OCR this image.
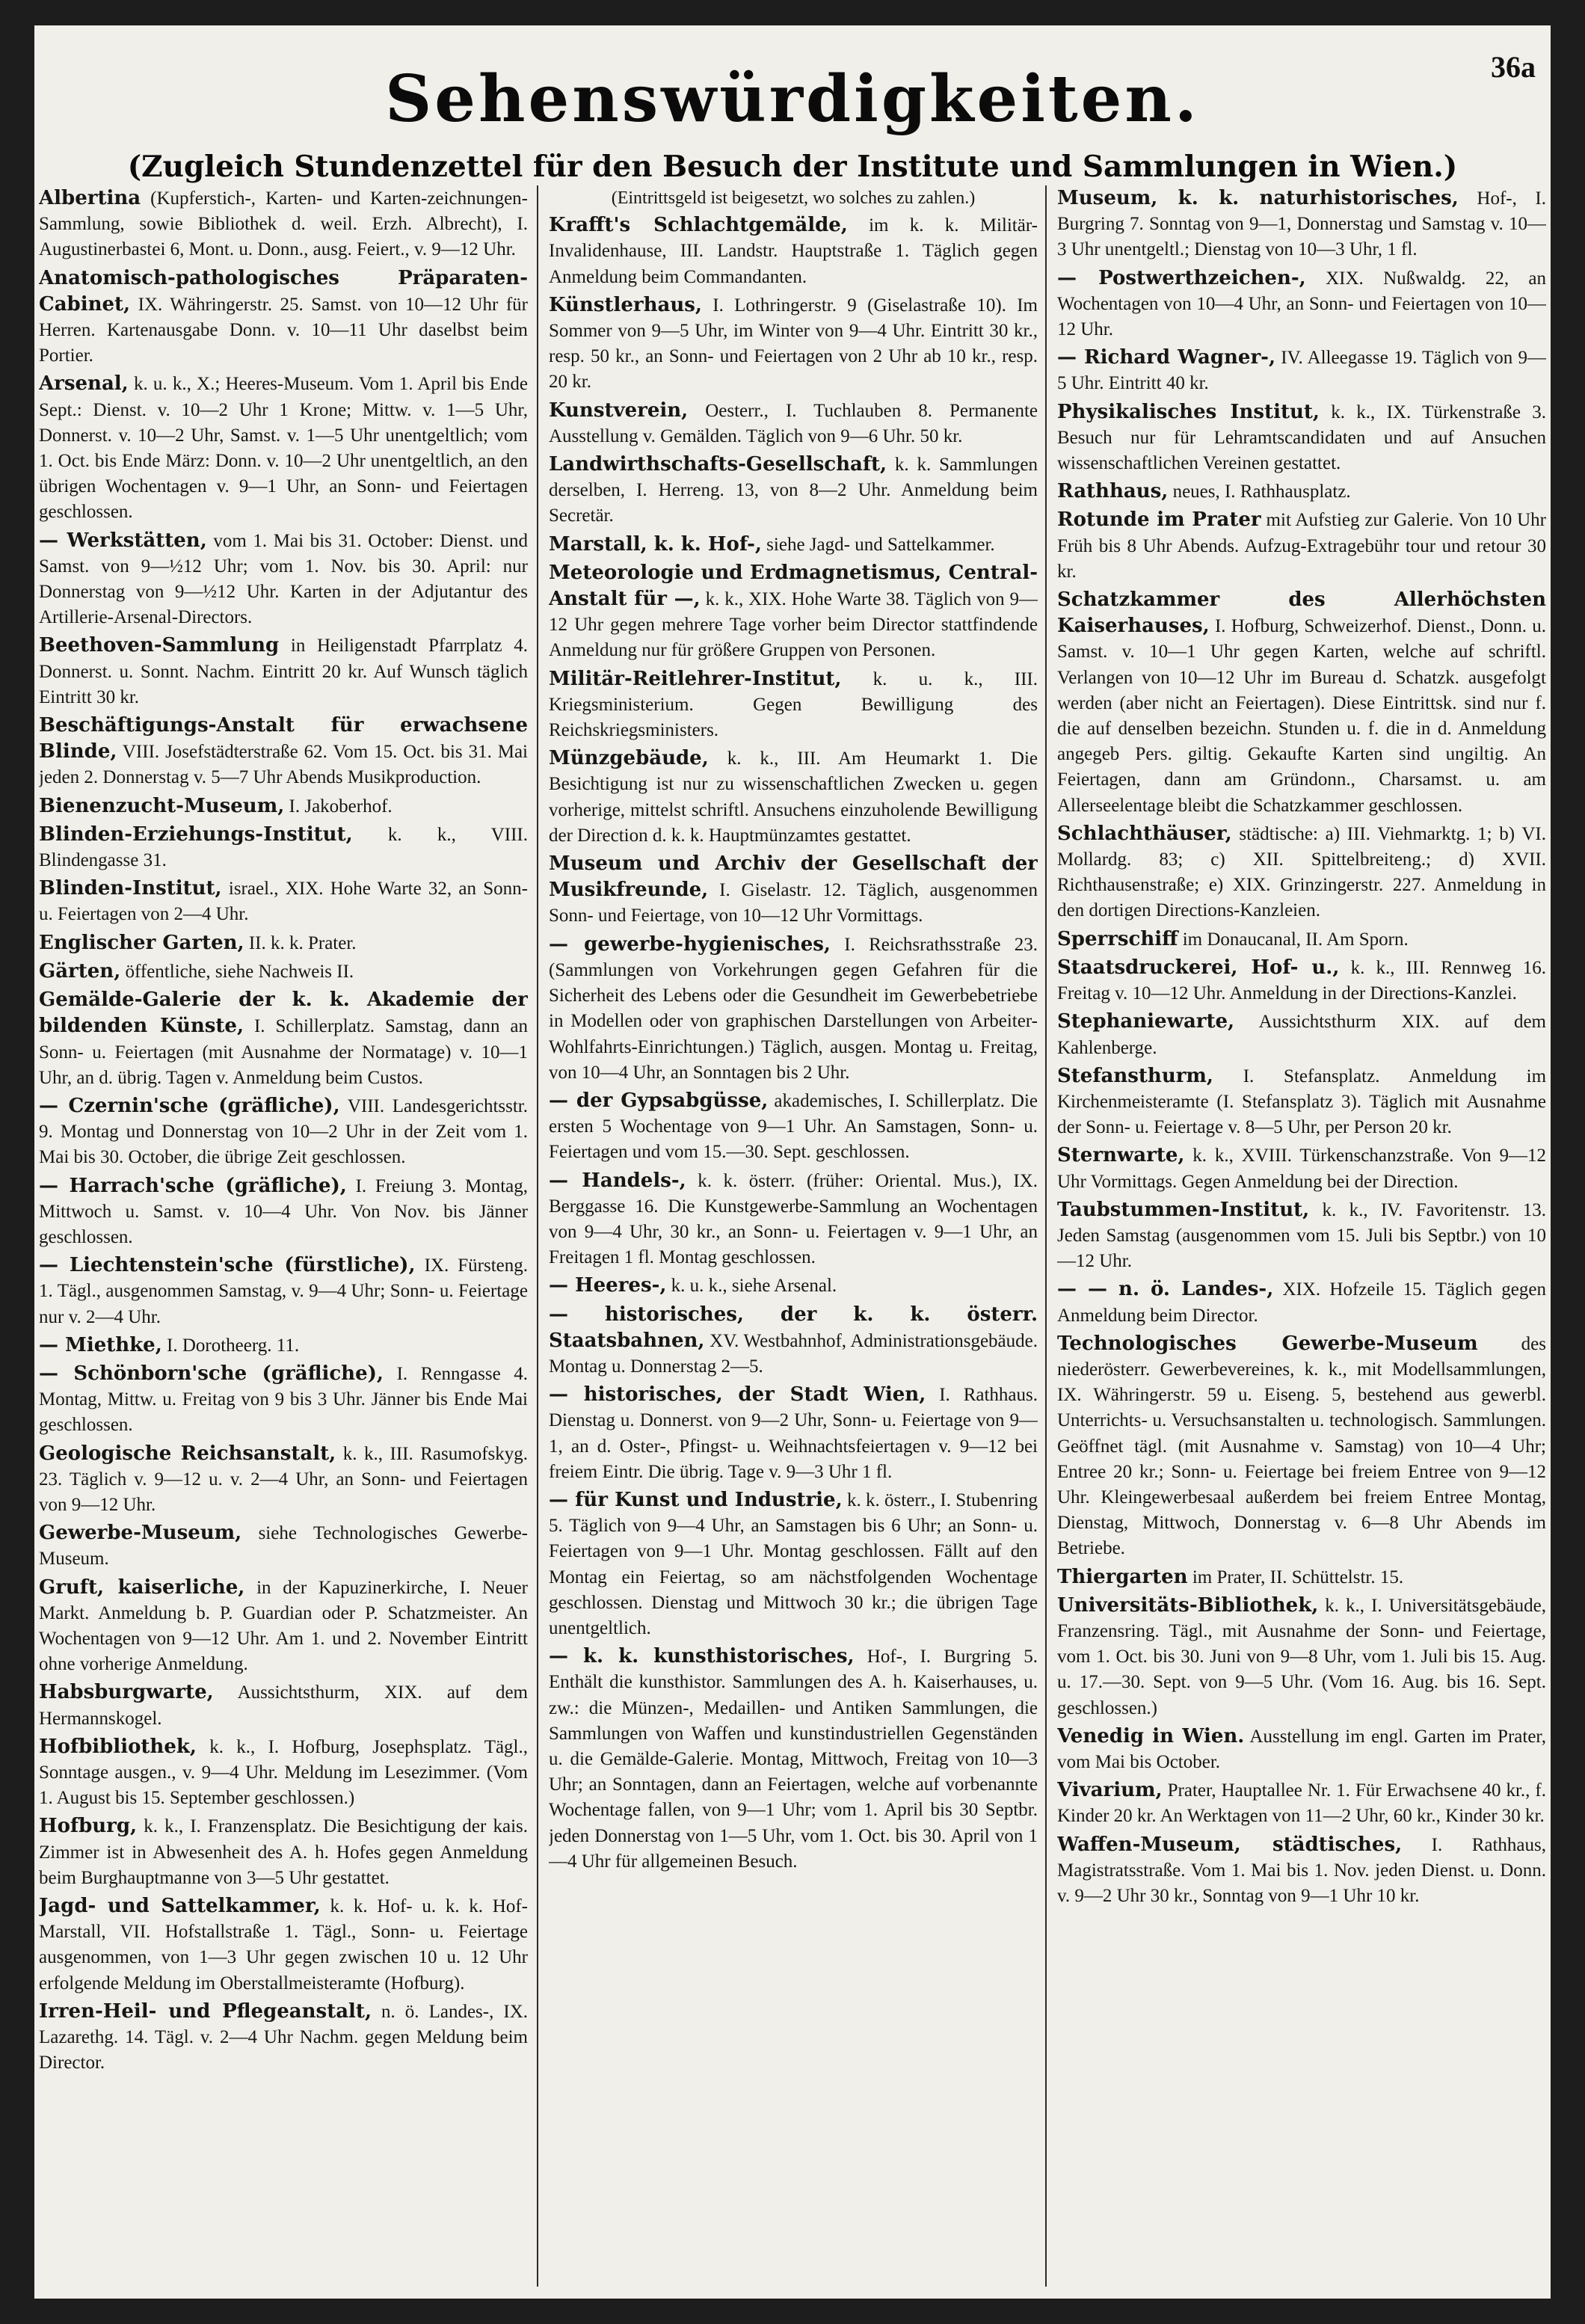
36a
Sehenswürdigkeiten.
(Zugleich Stundenzettel für den Besuch der Institute und Sammlungen in Wien.)

Albertina (Kupferstich-, Karten- und Karten-zeichnungen-Sammlung, sowie Bibliothek d. weil. Erzh. Albrecht), I. Augustinerbastei 6, Mont. u. Donn., ausg. Feiert., v. 9—12 Uhr.

Anatomisch-pathologisches Präparaten-Cabinet, IX. Währingerstr. 25. Samst. von 10—12 Uhr für Herren. Kartenausgabe Donn. v. 10—11 Uhr daselbst beim Portier.

Arsenal, k. u. k., X.; Heeres-Museum. Vom 1. April bis Ende Sept.: Dienst. v. 10—2 Uhr 1 Krone; Mittw. v. 1—5 Uhr, Donnerst. v. 10—2 Uhr, Samst. v. 1—5 Uhr unentgeltlich; vom 1. Oct. bis Ende März: Donn. v. 10—2 Uhr unentgeltlich, an den übrigen Wochentagen v. 9—1 Uhr, an Sonn- und Feiertagen geschlossen.

— Werkstätten, vom 1. Mai bis 31. October: Dienst. und Samst. von 9—½12 Uhr; vom 1. Nov. bis 30. April: nur Donnerstag von 9—½12 Uhr. Karten in der Adjutantur des Artillerie-Arsenal-Directors.

Beethoven-Sammlung in Heiligenstadt Pfarrplatz 4. Donnerst. u. Sonnt. Nachm. Eintritt 20 kr. Auf Wunsch täglich Eintritt 30 kr.

Beschäftigungs-Anstalt für erwachsene Blinde, VIII. Josefstädterstraße 62. Vom 15. Oct. bis 31. Mai jeden 2. Donnerstag v. 5—7 Uhr Abends Musikproduction.

Bienenzucht-Museum, I. Jakoberhof.

Blinden-Erziehungs-Institut, k. k., VIII. Blindengasse 31.

Blinden-Institut, israel., XIX. Hohe Warte 32, an Sonn- u. Feiertagen von 2—4 Uhr.

Englischer Garten, II. k. k. Prater.

Gärten, öffentliche, siehe Nachweis II.

Gemälde-Galerie der k. k. Akademie der bildenden Künste, I. Schillerplatz. Samstag, dann an Sonn- u. Feiertagen (mit Ausnahme der Normatage) v. 10—1 Uhr, an d. übrig. Tagen v. Anmeldung beim Custos.

— Czernin'sche (gräfliche), VIII. Landesgerichtsstr. 9. Montag und Donnerstag von 10—2 Uhr in der Zeit vom 1. Mai bis 30. October, die übrige Zeit geschlossen.

— Harrach'sche (gräfliche), I. Freiung 3. Montag, Mittwoch u. Samst. v. 10—4 Uhr. Von Nov. bis Jänner geschlossen.

— Liechtenstein'sche (fürstliche), IX. Fürsteng. 1. Tägl., ausgenommen Samstag, v. 9—4 Uhr; Sonn- u. Feiertage nur v. 2—4 Uhr.

— Miethke, I. Dorotheerg. 11.

— Schönborn'sche (gräfliche), I. Renngasse 4. Montag, Mittw. u. Freitag von 9 bis 3 Uhr. Jänner bis Ende Mai geschlossen.

Geologische Reichsanstalt, k. k., III. Rasumofskyg. 23. Täglich v. 9—12 u. v. 2—4 Uhr, an Sonn- und Feiertagen von 9—12 Uhr.

Gewerbe-Museum, siehe Technologisches Gewerbe-Museum.

Gruft, kaiserliche, in der Kapuzinerkirche, I. Neuer Markt. Anmeldung b. P. Guardian oder P. Schatzmeister. An Wochentagen von 9—12 Uhr. Am 1. und 2. November Eintritt ohne vorherige Anmeldung.

Habsburgwarte, Aussichtsthurm, XIX. auf dem Hermannskogel.

Hofbibliothek, k. k., I. Hofburg, Josephsplatz. Tägl., Sonntage ausgen., v. 9—4 Uhr. Meldung im Lesezimmer. (Vom 1. August bis 15. September geschlossen.)

Hofburg, k. k., I. Franzensplatz. Die Besichtigung der kais. Zimmer ist in Abwesenheit des A. h. Hofes gegen Anmeldung beim Burghauptmanne von 3—5 Uhr gestattet.

Jagd- und Sattelkammer, k. k. Hof- u. k. k. Hof-Marstall, VII. Hofstallstraße 1. Tägl., Sonn- u. Feiertage ausgenommen, von 1—3 Uhr gegen zwischen 10 u. 12 Uhr erfolgende Meldung im Oberstallmeisteramte (Hofburg).

Irren-Heil- und Pflegeanstalt, n. ö. Landes-, IX. Lazarethg. 14. Tägl. v. 2—4 Uhr Nachm. gegen Meldung beim Director.

(Eintrittsgeld ist beigesetzt, wo solches zu zahlen.)

Krafft's Schlachtgemälde, im k. k. Militär-Invalidenhause, III. Landstr. Hauptstraße 1. Täglich gegen Anmeldung beim Commandanten.

Künstlerhaus, I. Lothringerstr. 9 (Giselastraße 10). Im Sommer von 9—5 Uhr, im Winter von 9—4 Uhr. Eintritt 30 kr., resp. 50 kr., an Sonn- und Feiertagen von 2 Uhr ab 10 kr., resp. 20 kr.

Kunstverein, Oesterr., I. Tuchlauben 8. Permanente Ausstellung v. Gemälden. Täglich von 9—6 Uhr. 50 kr.

Landwirthschafts-Gesellschaft, k. k. Sammlungen derselben, I. Herreng. 13, von 8—2 Uhr. Anmeldung beim Secretär.

Marstall, k. k. Hof-, siehe Jagd- und Sattelkammer.

Meteorologie und Erdmagnetismus, Central-Anstalt für —, k. k., XIX. Hohe Warte 38. Täglich von 9—12 Uhr gegen mehrere Tage vorher beim Director stattfindende Anmeldung nur für größere Gruppen von Personen.

Militär-Reitlehrer-Institut, k. u. k., III. Kriegsministerium. Gegen Bewilligung des Reichskriegsministers.

Münzgebäude, k. k., III. Am Heumarkt 1. Die Besichtigung ist nur zu wissenschaftlichen Zwecken u. gegen vorherige, mittelst schriftl. Ansuchens einzuholende Bewilligung der Direction d. k. k. Hauptmünzamtes gestattet.

Museum und Archiv der Gesellschaft der Musikfreunde, I. Giselastr. 12. Täglich, ausgenommen Sonn- und Feiertage, von 10—12 Uhr Vormittags.

— gewerbe-hygienisches, I. Reichsrathsstraße 23. (Sammlungen von Vorkehrungen gegen Gefahren für die Sicherheit des Lebens oder die Gesundheit im Gewerbebetriebe in Modellen oder von graphischen Darstellungen von Arbeiter-Wohlfahrts-Einrichtungen.) Täglich, ausgen. Montag u. Freitag, von 10—4 Uhr, an Sonntagen bis 2 Uhr.

— der Gypsabgüsse, akademisches, I. Schillerplatz. Die ersten 5 Wochentage von 9—1 Uhr. An Samstagen, Sonn- u. Feiertagen und vom 15.—30. Sept. geschlossen.

— Handels-, k. k. österr. (früher: Oriental. Mus.), IX. Berggasse 16. Die Kunstgewerbe-Sammlung an Wochentagen von 9—4 Uhr, 30 kr., an Sonn- u. Feiertagen v. 9—1 Uhr, an Freitagen 1 fl. Montag geschlossen.

— Heeres-, k. u. k., siehe Arsenal.

— historisches, der k. k. österr. Staatsbahnen, XV. Westbahnhof, Administrationsgebäude. Montag u. Donnerstag 2—5.

— historisches, der Stadt Wien, I. Rathhaus. Dienstag u. Donnerst. von 9—2 Uhr, Sonn- u. Feiertage von 9—1, an d. Oster-, Pfingst- u. Weihnachtsfeiertagen v. 9—12 bei freiem Eintr. Die übrig. Tage v. 9—3 Uhr 1 fl.

— für Kunst und Industrie, k. k. österr., I. Stubenring 5. Täglich von 9—4 Uhr, an Samstagen bis 6 Uhr; an Sonn- u. Feiertagen von 9—1 Uhr. Montag geschlossen. Fällt auf den Montag ein Feiertag, so am nächstfolgenden Wochentage geschlossen. Dienstag und Mittwoch 30 kr.; die übrigen Tage unentgeltlich.

— k. k. kunsthistorisches, Hof-, I. Burgring 5. Enthält die kunsthistor. Sammlungen des A. h. Kaiserhauses, u. zw.: die Münzen-, Medaillen- und Antiken Sammlungen, die Sammlungen von Waffen und kunstindustriellen Gegenständen u. die Gemälde-Galerie. Montag, Mittwoch, Freitag von 10—3 Uhr; an Sonntagen, dann an Feiertagen, welche auf vorbenannte Wochentage fallen, von 9—1 Uhr; vom 1. April bis 30 Septbr. jeden Donnerstag von 1—5 Uhr, vom 1. Oct. bis 30. April von 1—4 Uhr für allgemeinen Besuch.

Museum, k. k. naturhistorisches, Hof-, I. Burgring 7. Sonntag von 9—1, Donnerstag und Samstag v. 10—3 Uhr unentgeltl.; Dienstag von 10—3 Uhr, 1 fl.

— Postwerthzeichen-, XIX. Nußwaldg. 22, an Wochentagen von 10—4 Uhr, an Sonn- und Feiertagen von 10—12 Uhr.

— Richard Wagner-, IV. Alleegasse 19. Täglich von 9—5 Uhr. Eintritt 40 kr.

Physikalisches Institut, k. k., IX. Türkenstraße 3. Besuch nur für Lehramtscandidaten und auf Ansuchen wissenschaftlichen Vereinen gestattet.

Rathhaus, neues, I. Rathhausplatz.

Rotunde im Prater mit Aufstieg zur Galerie. Von 10 Uhr Früh bis 8 Uhr Abends. Aufzug-Extragebühr tour und retour 30 kr.

Schatzkammer des Allerhöchsten Kaiserhauses, I. Hofburg, Schweizerhof. Dienst., Donn. u. Samst. v. 10—1 Uhr gegen Karten, welche auf schriftl. Verlangen von 10—12 Uhr im Bureau d. Schatzk. ausgefolgt werden (aber nicht an Feiertagen). Diese Eintrittsk. sind nur f. die auf denselben bezeichn. Stunden u. f. die in d. Anmeldung angegeb Pers. giltig. Gekaufte Karten sind ungiltig. An Feiertagen, dann am Gründonn., Charsamst. u. am Allerseelentage bleibt die Schatzkammer geschlossen.

Schlachthäuser, städtische: a) III. Viehmarktg. 1; b) VI. Mollardg. 83; c) XII. Spittelbreiteng.; d) XVII. Richthausenstraße; e) XIX. Grinzingerstr. 227. Anmeldung in den dortigen Directions-Kanzleien.

Sperrschiff im Donaucanal, II. Am Sporn.

Staatsdruckerei, Hof- u., k. k., III. Rennweg 16. Freitag v. 10—12 Uhr. Anmeldung in der Directions-Kanzlei.

Stephaniewarte, Aussichtsthurm XIX. auf dem Kahlenberge.

Stefansthurm, I. Stefansplatz. Anmeldung im Kirchenmeisteramte (I. Stefansplatz 3). Täglich mit Ausnahme der Sonn- u. Feiertage v. 8—5 Uhr, per Person 20 kr.

Sternwarte, k. k., XVIII. Türkenschanzstraße. Von 9—12 Uhr Vormittags. Gegen Anmeldung bei der Direction.

Taubstummen-Institut, k. k., IV. Favoritenstr. 13. Jeden Samstag (ausgenommen vom 15. Juli bis Septbr.) von 10—12 Uhr.

— — n. ö. Landes-, XIX. Hofzeile 15. Täglich gegen Anmeldung beim Director.

Technologisches Gewerbe-Museum des niederösterr. Gewerbevereines, k. k., mit Modellsammlungen, IX. Währingerstr. 59 u. Eiseng. 5, bestehend aus gewerbl. Unterrichts- u. Versuchsanstalten u. technologisch. Sammlungen. Geöffnet tägl. (mit Ausnahme v. Samstag) von 10—4 Uhr; Entree 20 kr.; Sonn- u. Feiertage bei freiem Entree von 9—12 Uhr. Kleingewerbesaal außerdem bei freiem Entree Montag, Dienstag, Mittwoch, Donnerstag v. 6—8 Uhr Abends im Betriebe.

Thiergarten im Prater, II. Schüttelstr. 15.

Universitäts-Bibliothek, k. k., I. Universitätsgebäude, Franzensring. Tägl., mit Ausnahme der Sonn- und Feiertage, vom 1. Oct. bis 30. Juni von 9—8 Uhr, vom 1. Juli bis 15. Aug. u. 17.—30. Sept. von 9—5 Uhr. (Vom 16. Aug. bis 16. Sept. geschlossen.)

Venedig in Wien. Ausstellung im engl. Garten im Prater, vom Mai bis October.

Vivarium, Prater, Hauptallee Nr. 1. Für Erwachsene 40 kr., f. Kinder 20 kr. An Werktagen von 11—2 Uhr, 60 kr., Kinder 30 kr.

Waffen-Museum, städtisches, I. Rathhaus, Magistratsstraße. Vom 1. Mai bis 1. Nov. jeden Dienst. u. Donn. v. 9—2 Uhr 30 kr., Sonntag von 9—1 Uhr 10 kr.
